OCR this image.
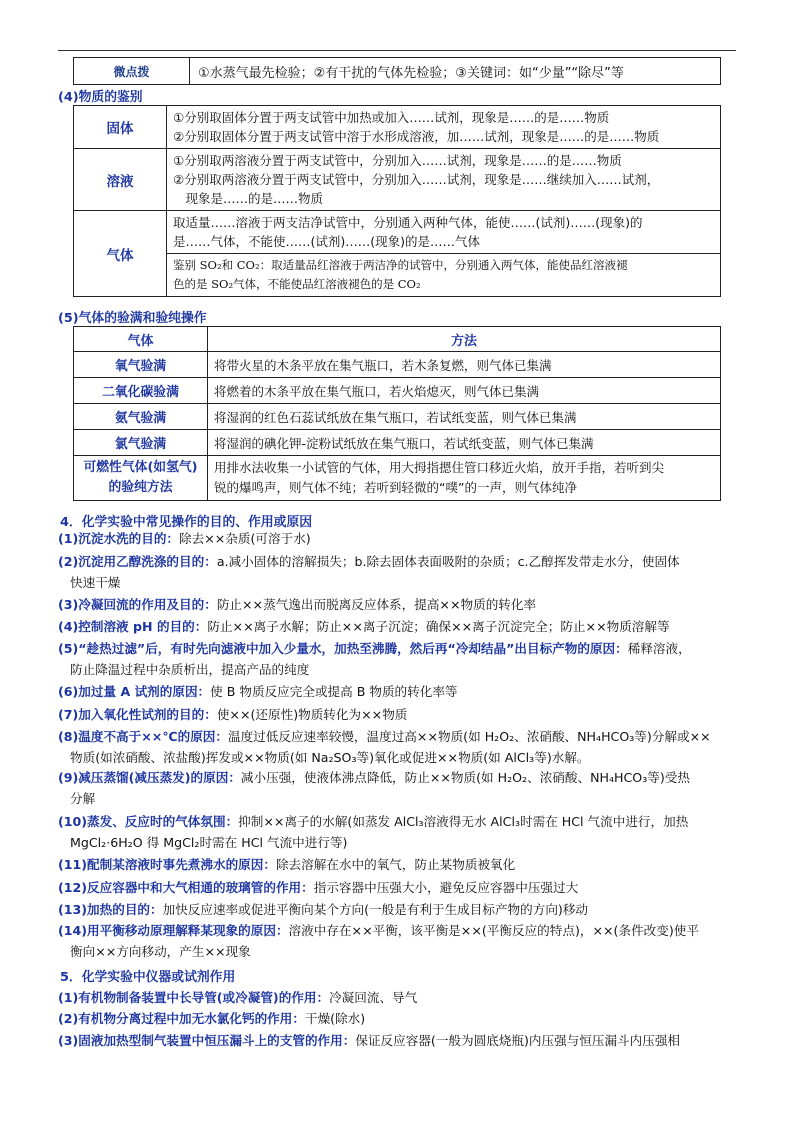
微点拨	①水蒸气最先检验；②有干扰的气体先检验；③关键词：如“少量”“除尽”等
(4)物质的鉴别
固体	①分别取固体分置于两支试管中加热或加入……试剂，现象是……的是……物质
②分别取固体分置于两支试管中溶于水形成溶液，加……试剂，现象是……的是……物质

溶液	①分别取两溶液分置于两支试管中，分别加入……试剂，现象是……的是……物质
②分别取两溶液分置于两支试管中，分别加入……试剂，现象是……继续加入……试剂，
　现象是……的是……物质

气体	取适量……溶液于两支洁净试管中，分别通入两种气体，能使……(试剂)……(现象)的
是……气体，不能使……(试剂)……(现象)的是……气体

	鉴别 SO₂和 CO₂：取适量品红溶液于两洁净的试管中，分别通入两气体，能使品红溶液褪
色的是 SO₂气体，不能使品红溶液褪色的是 CO₂
(5)气体的验满和验纯操作
气体	方法
氧气验满	将带火星的木条平放在集气瓶口，若木条复燃，则气体已集满
二氧化碳验满	将燃着的木条平放在集气瓶口，若火焰熄灭，则气体已集满
氨气验满	将湿润的红色石蕊试纸放在集气瓶口，若试纸变蓝，则气体已集满
氯气验满	将湿润的碘化钾-淀粉试纸放在集气瓶口，若试纸变蓝，则气体已集满

可燃性气体(如氢气)
的验纯方法	用排水法收集一小试管的气体，用大拇指摁住管口移近火焰，放开手指，若听到尖
锐的爆鸣声，则气体不纯；若听到轻微的“噗”的一声，则气体纯净
4．化学实验中常见操作的目的、作用或原因
(1)沉淀水洗的目的：除去××杂质(可溶于水)
(2)沉淀用乙醇洗涤的目的：a.减小固体的溶解损失；b.除去固体表面吸附的杂质；c.乙醇挥发带走水分，使固体
快速干燥
(3)冷凝回流的作用及目的：防止××蒸气逸出而脱离反应体系，提高××物质的转化率
(4)控制溶液 pH 的目的：防止××离子水解；防止××离子沉淀；确保××离子沉淀完全；防止××物质溶解等
(5)“趁热过滤”后，有时先向滤液中加入少量水，加热至沸腾，然后再“冷却结晶”出目标产物的原因：稀释溶液，
防止降温过程中杂质析出，提高产品的纯度
(6)加过量 A 试剂的原因：使 B 物质反应完全或提高 B 物质的转化率等
(7)加入氧化性试剂的目的：使××(还原性)物质转化为××物质
(8)温度不高于××℃的原因：温度过低反应速率较慢，温度过高××物质(如 H₂O₂、浓硝酸、NH₄HCO₃等)分解或××
物质(如浓硝酸、浓盐酸)挥发或××物质(如 Na₂SO₃等)氧化或促进××物质(如 AlCl₃等)水解。
(9)减压蒸馏(减压蒸发)的原因：减小压强，使液体沸点降低，防止××物质(如 H₂O₂、浓硝酸、NH₄HCO₃等)受热
分解
(10)蒸发、反应时的气体氛围：抑制××离子的水解(如蒸发 AlCl₃溶液得无水 AlCl₃时需在 HCl 气流中进行，加热
MgCl₂·6H₂O 得 MgCl₂时需在 HCl 气流中进行等)
(11)配制某溶液时事先煮沸水的原因：除去溶解在水中的氧气，防止某物质被氧化
(12)反应容器中和大气相通的玻璃管的作用：指示容器中压强大小，避免反应容器中压强过大
(13)加热的目的：加快反应速率或促进平衡向某个方向(一般是有利于生成目标产物的方向)移动
(14)用平衡移动原理解释某现象的原因：溶液中存在××平衡，该平衡是××(平衡反应的特点)，××(条件改变)使平
衡向××方向移动，产生××现象
5．化学实验中仪器或试剂作用
(1)有机物制备装置中长导管(或冷凝管)的作用：冷凝回流、导气
(2)有机物分离过程中加无水氯化钙的作用：干燥(除水)
(3)固液加热型制气装置中恒压漏斗上的支管的作用：保证反应容器(一般为圆底烧瓶)内压强与恒压漏斗内压强相
